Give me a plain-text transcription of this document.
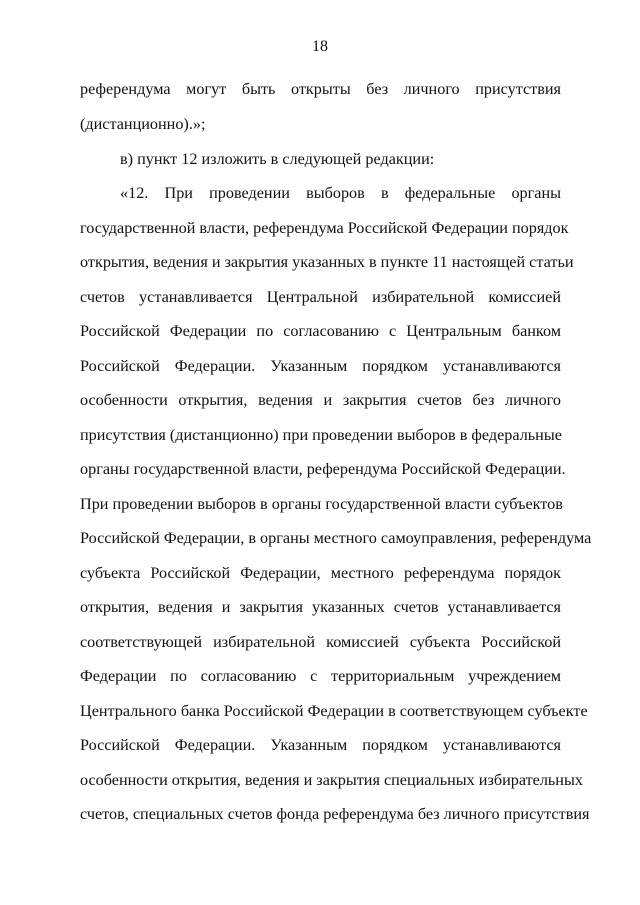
18
референдума могут быть открыты без личного присутствия
(дистанционно).»;
в) пункт 12 изложить в следующей редакции:
«12. При проведении выборов в федеральные органы
государственной власти, референдума Российской Федерации порядок
открытия, ведения и закрытия указанных в пункте 11 настоящей статьи
счетов устанавливается Центральной избирательной комиссией
Российской Федерации по согласованию с Центральным банком
Российской Федерации. Указанным порядком устанавливаются
особенности открытия, ведения и закрытия счетов без личного
присутствия (дистанционно) при проведении выборов в федеральные
органы государственной власти, референдума Российской Федерации.
При проведении выборов в органы государственной власти субъектов
Российской Федерации, в органы местного самоуправления, референдума
субъекта Российской Федерации, местного референдума порядок
открытия, ведения и закрытия указанных счетов устанавливается
соответствующей избирательной комиссией субъекта Российской
Федерации по согласованию с территориальным учреждением
Центрального банка Российской Федерации в соответствующем субъекте
Российской Федерации. Указанным порядком устанавливаются
особенности открытия, ведения и закрытия специальных избирательных
счетов, специальных счетов фонда референдума без личного присутствия
